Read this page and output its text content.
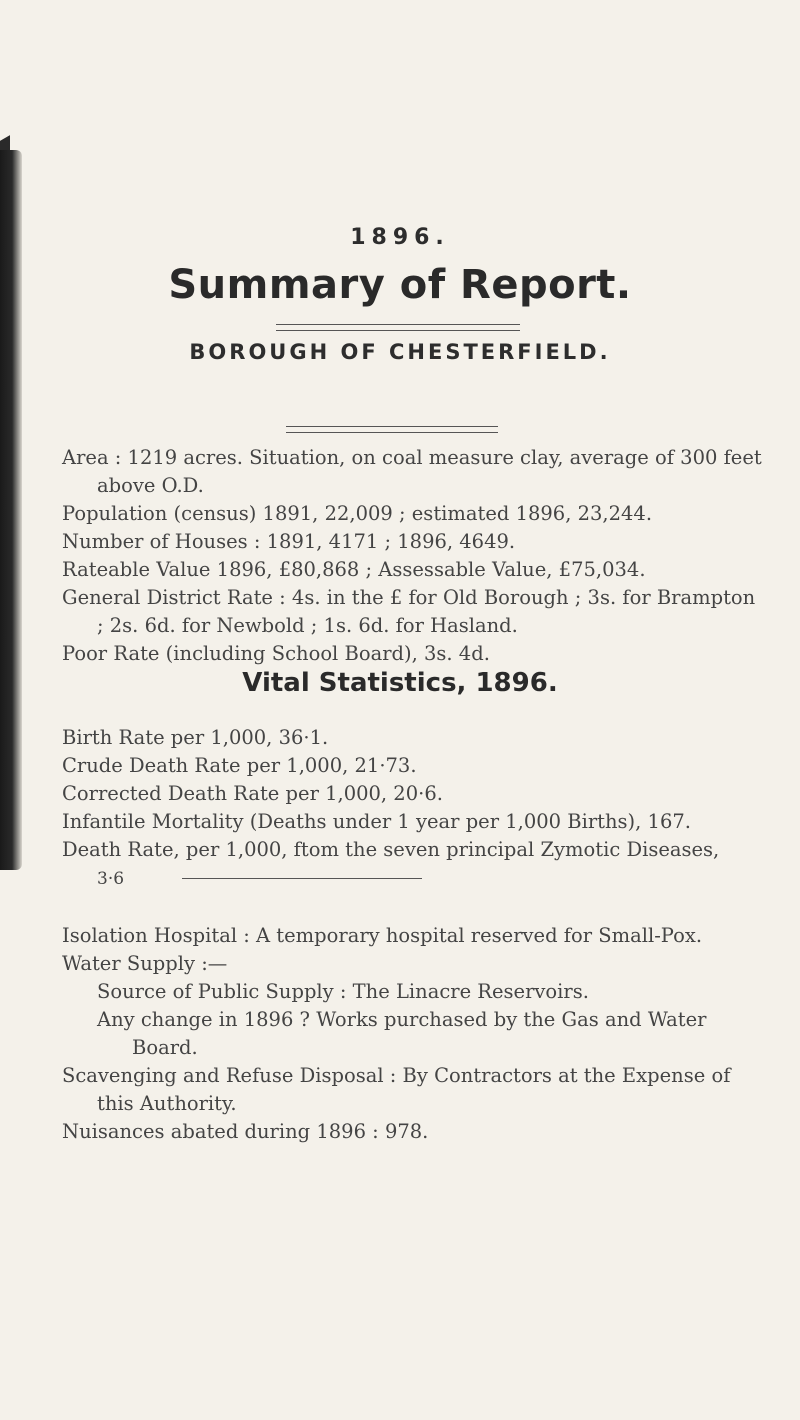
1896.
Summary of Report.
BOROUGH OF CHESTERFIELD.

Area : 1219 acres. Situation, on coal measure clay, average of 300 feet above O.D.

Population (census) 1891, 22,009 ; estimated 1896, 23,244.

Number of Houses : 1891, 4171 ; 1896, 4649.

Rateable Value 1896, £80,868 ; Assessable Value, £75,034.

General District Rate : 4s. in the £ for Old Borough ; 3s. for Brampton ; 2s. 6d. for Newbold ; 1s. 6d. for Hasland.

Poor Rate (including School Board), 3s. 4d.

Vital Statistics, 1896.

Birth Rate per 1,000, 36·1.

Crude Death Rate per 1,000, 21·73.

Corrected Death Rate per 1,000, 20·6.

Infantile Mortality (Deaths under 1 year per 1,000 Births), 167.

Death Rate, per 1,000, ftom the seven principal Zymotic Diseases,

3·6

Isolation Hospital : A temporary hospital reserved for Small-Pox.

Water Supply :—

Source of Public Supply : The Linacre Reservoirs.

Any change in 1896 ? Works purchased by the Gas and Water Board.

Scavenging and Refuse Disposal : By Contractors at the Expense of this Authority.

Nuisances abated during 1896 : 978.
